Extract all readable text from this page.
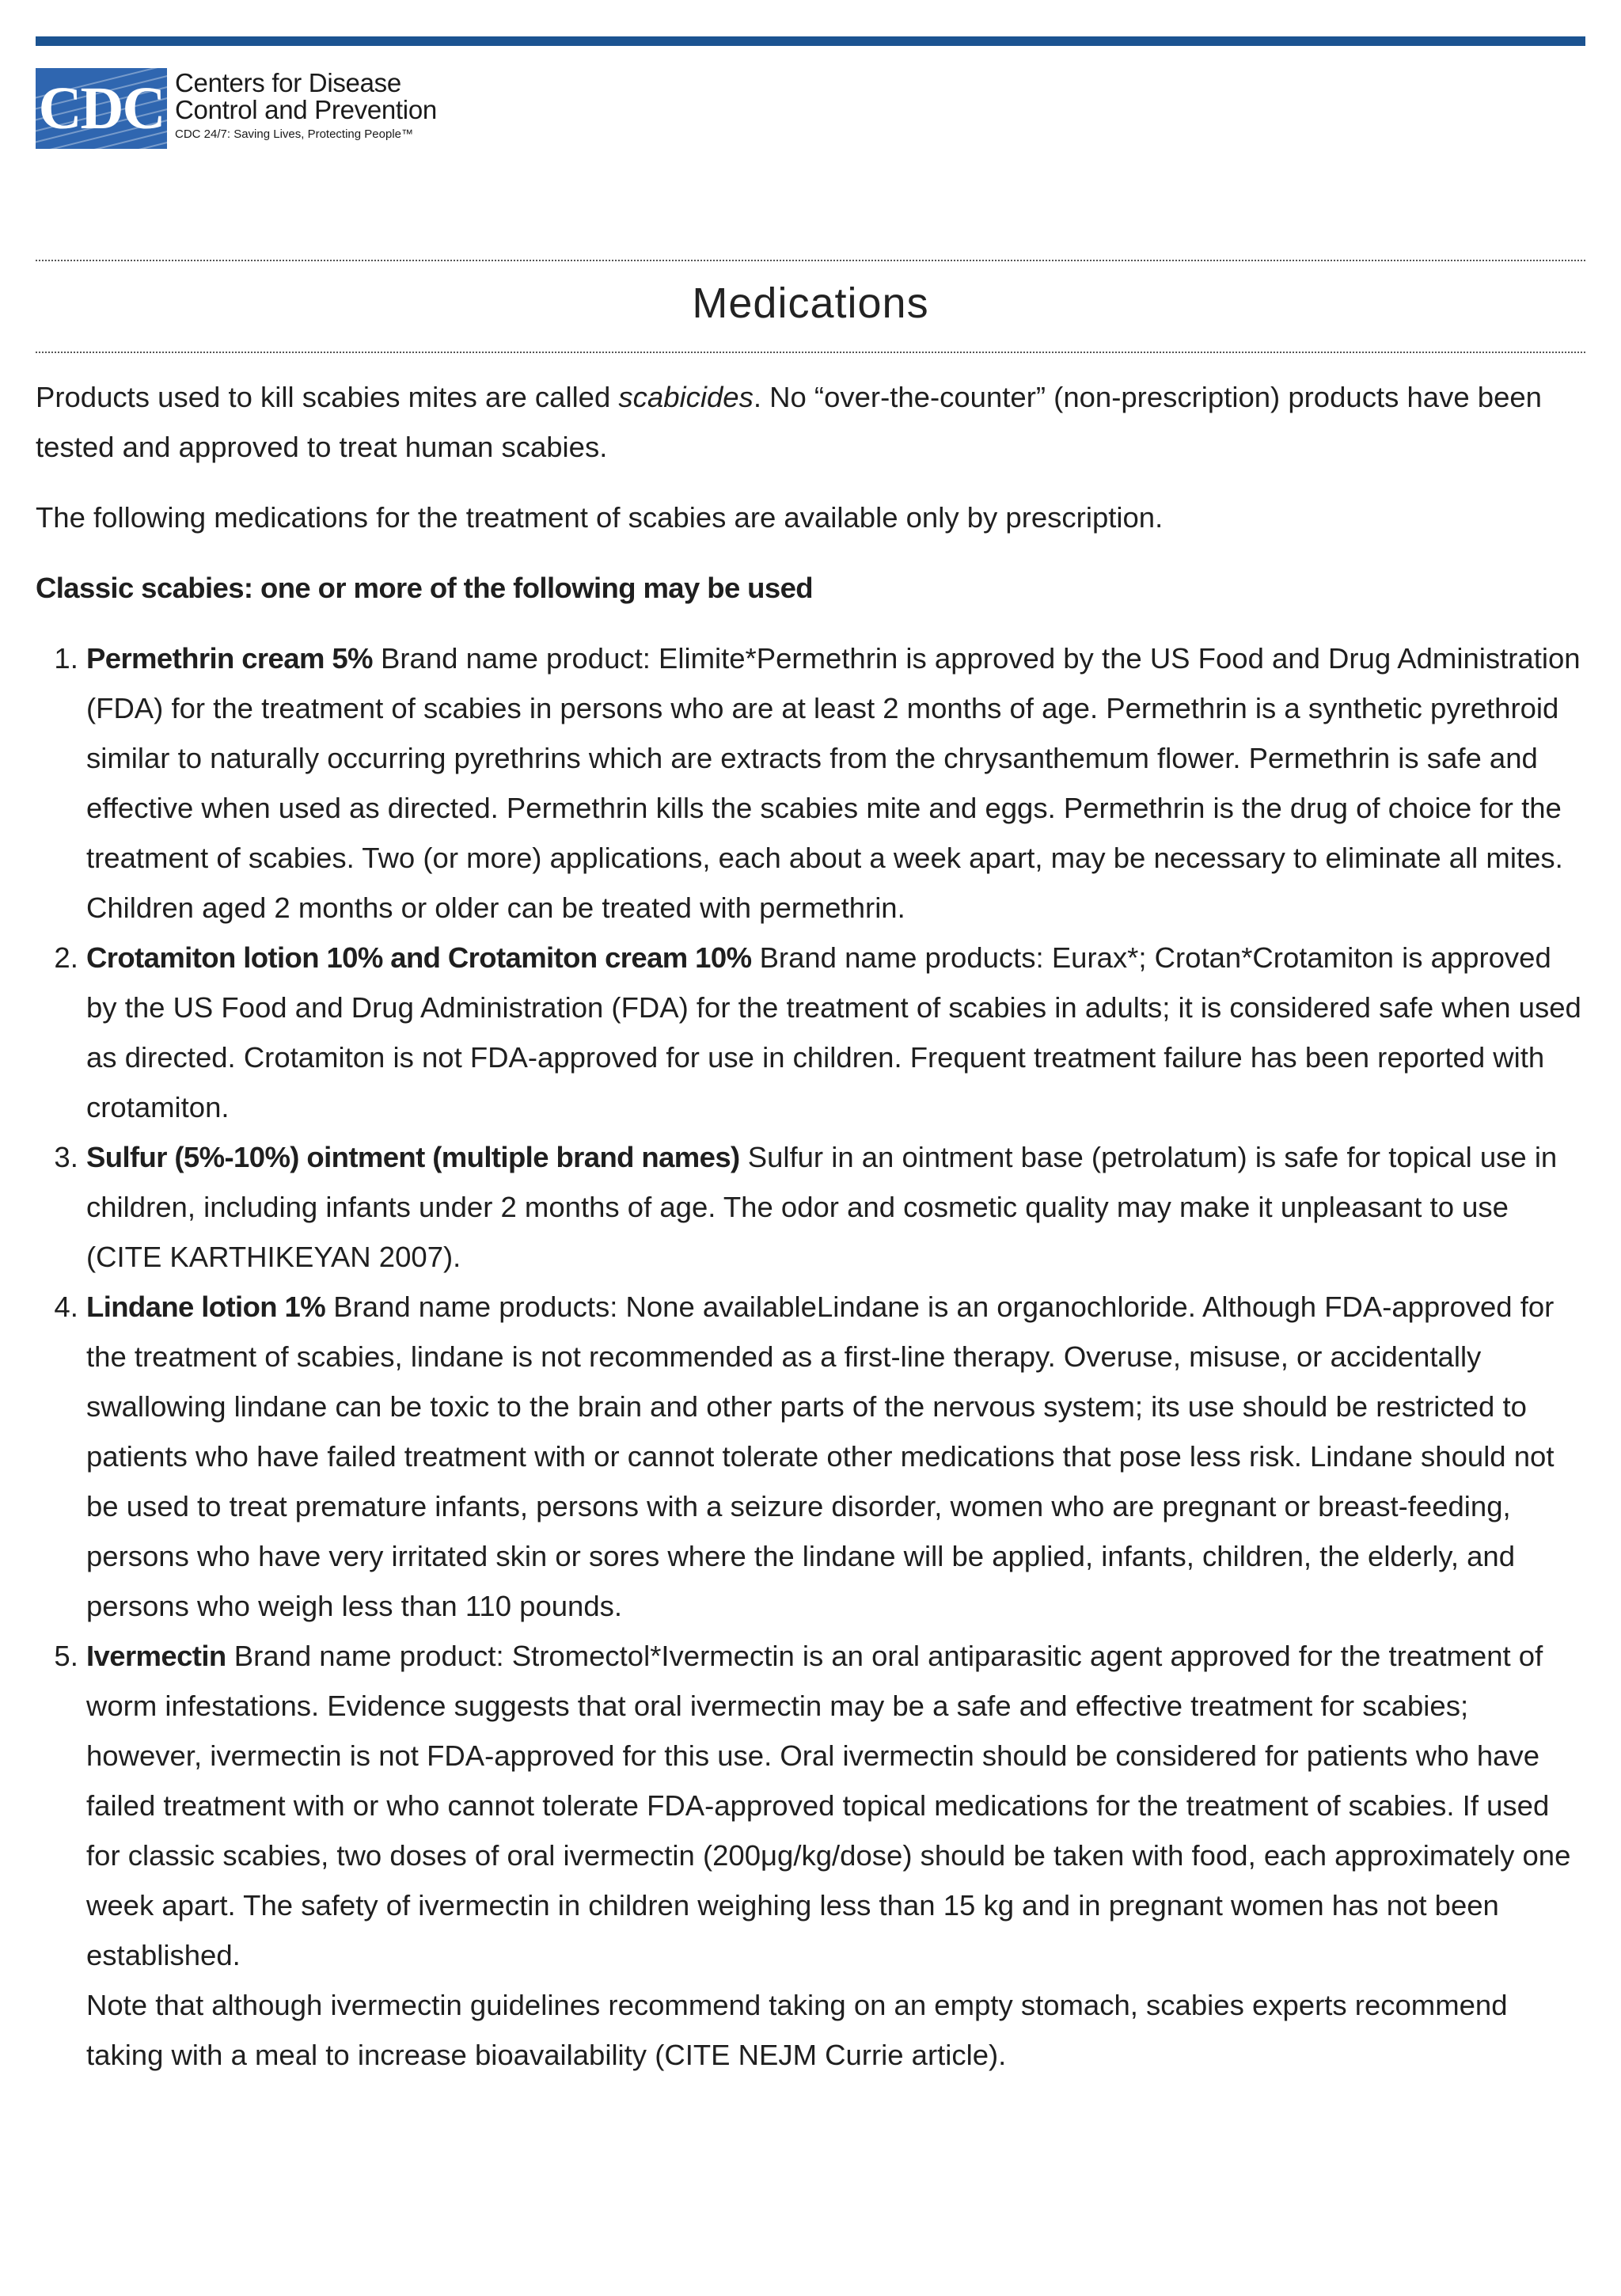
CDC Centers for Disease
Control and Prevention
CDC 24/7: Saving Lives, Protecting People™
Medications

Products used to kill scabies mites are called scabicides. No “over-the-counter” (non-prescription) products have been tested and approved to treat human scabies.

The following medications for the treatment of scabies are available only by prescription.

Classic scabies: one or more of the following may be used

1. Permethrin cream 5% Brand name product: Elimite*Permethrin is approved by the US Food and Drug Administration (FDA) for the treatment of scabies in persons who are at least 2 months of age. Permethrin is a synthetic pyrethroid similar to naturally occurring pyrethrins which are extracts from the chrysanthemum flower. Permethrin is safe and effective when used as directed. Permethrin kills the scabies mite and eggs. Permethrin is the drug of choice for the treatment of scabies. Two (or more) applications, each about a week apart, may be necessary to eliminate all mites. Children aged 2 months or older can be treated with permethrin.
2. Crotamiton lotion 10% and Crotamiton cream 10% Brand name products: Eurax*; Crotan*Crotamiton is approved by the US Food and Drug Administration (FDA) for the treatment of scabies in adults; it is considered safe when used as directed. Crotamiton is not FDA-approved for use in children. Frequent treatment failure has been reported with crotamiton.
3. Sulfur (5%-10%) ointment (multiple brand names) Sulfur in an ointment base (petrolatum) is safe for topical use in children, including infants under 2 months of age. The odor and cosmetic quality may make it unpleasant to use (CITE KARTHIKEYAN 2007).
4. Lindane lotion 1% Brand name products: None availableLindane is an organochloride. Although FDA-approved for the treatment of scabies, lindane is not recommended as a first-line therapy. Overuse, misuse, or accidentally swallowing lindane can be toxic to the brain and other parts of the nervous system; its use should be restricted to patients who have failed treatment with or cannot tolerate other medications that pose less risk. Lindane should not be used to treat premature infants, persons with a seizure disorder, women who are pregnant or breast-feeding, persons who have very irritated skin or sores where the lindane will be applied, infants, children, the elderly, and persons who weigh less than 110 pounds.
5. Ivermectin Brand name product: Stromectol*Ivermectin is an oral antiparasitic agent approved for the treatment of worm infestations. Evidence suggests that oral ivermectin may be a safe and effective treatment for scabies; however, ivermectin is not FDA-approved for this use. Oral ivermectin should be considered for patients who have failed treatment with or who cannot tolerate FDA-approved topical medications for the treatment of scabies. If used for classic scabies, two doses of oral ivermectin (200μg/kg/dose) should be taken with food, each approximately one week apart. The safety of ivermectin in children weighing less than 15 kg and in pregnant women has not been established.
Note that although ivermectin guidelines recommend taking on an empty stomach, scabies experts recommend taking with a meal to increase bioavailability (CITE NEJM Currie article).
